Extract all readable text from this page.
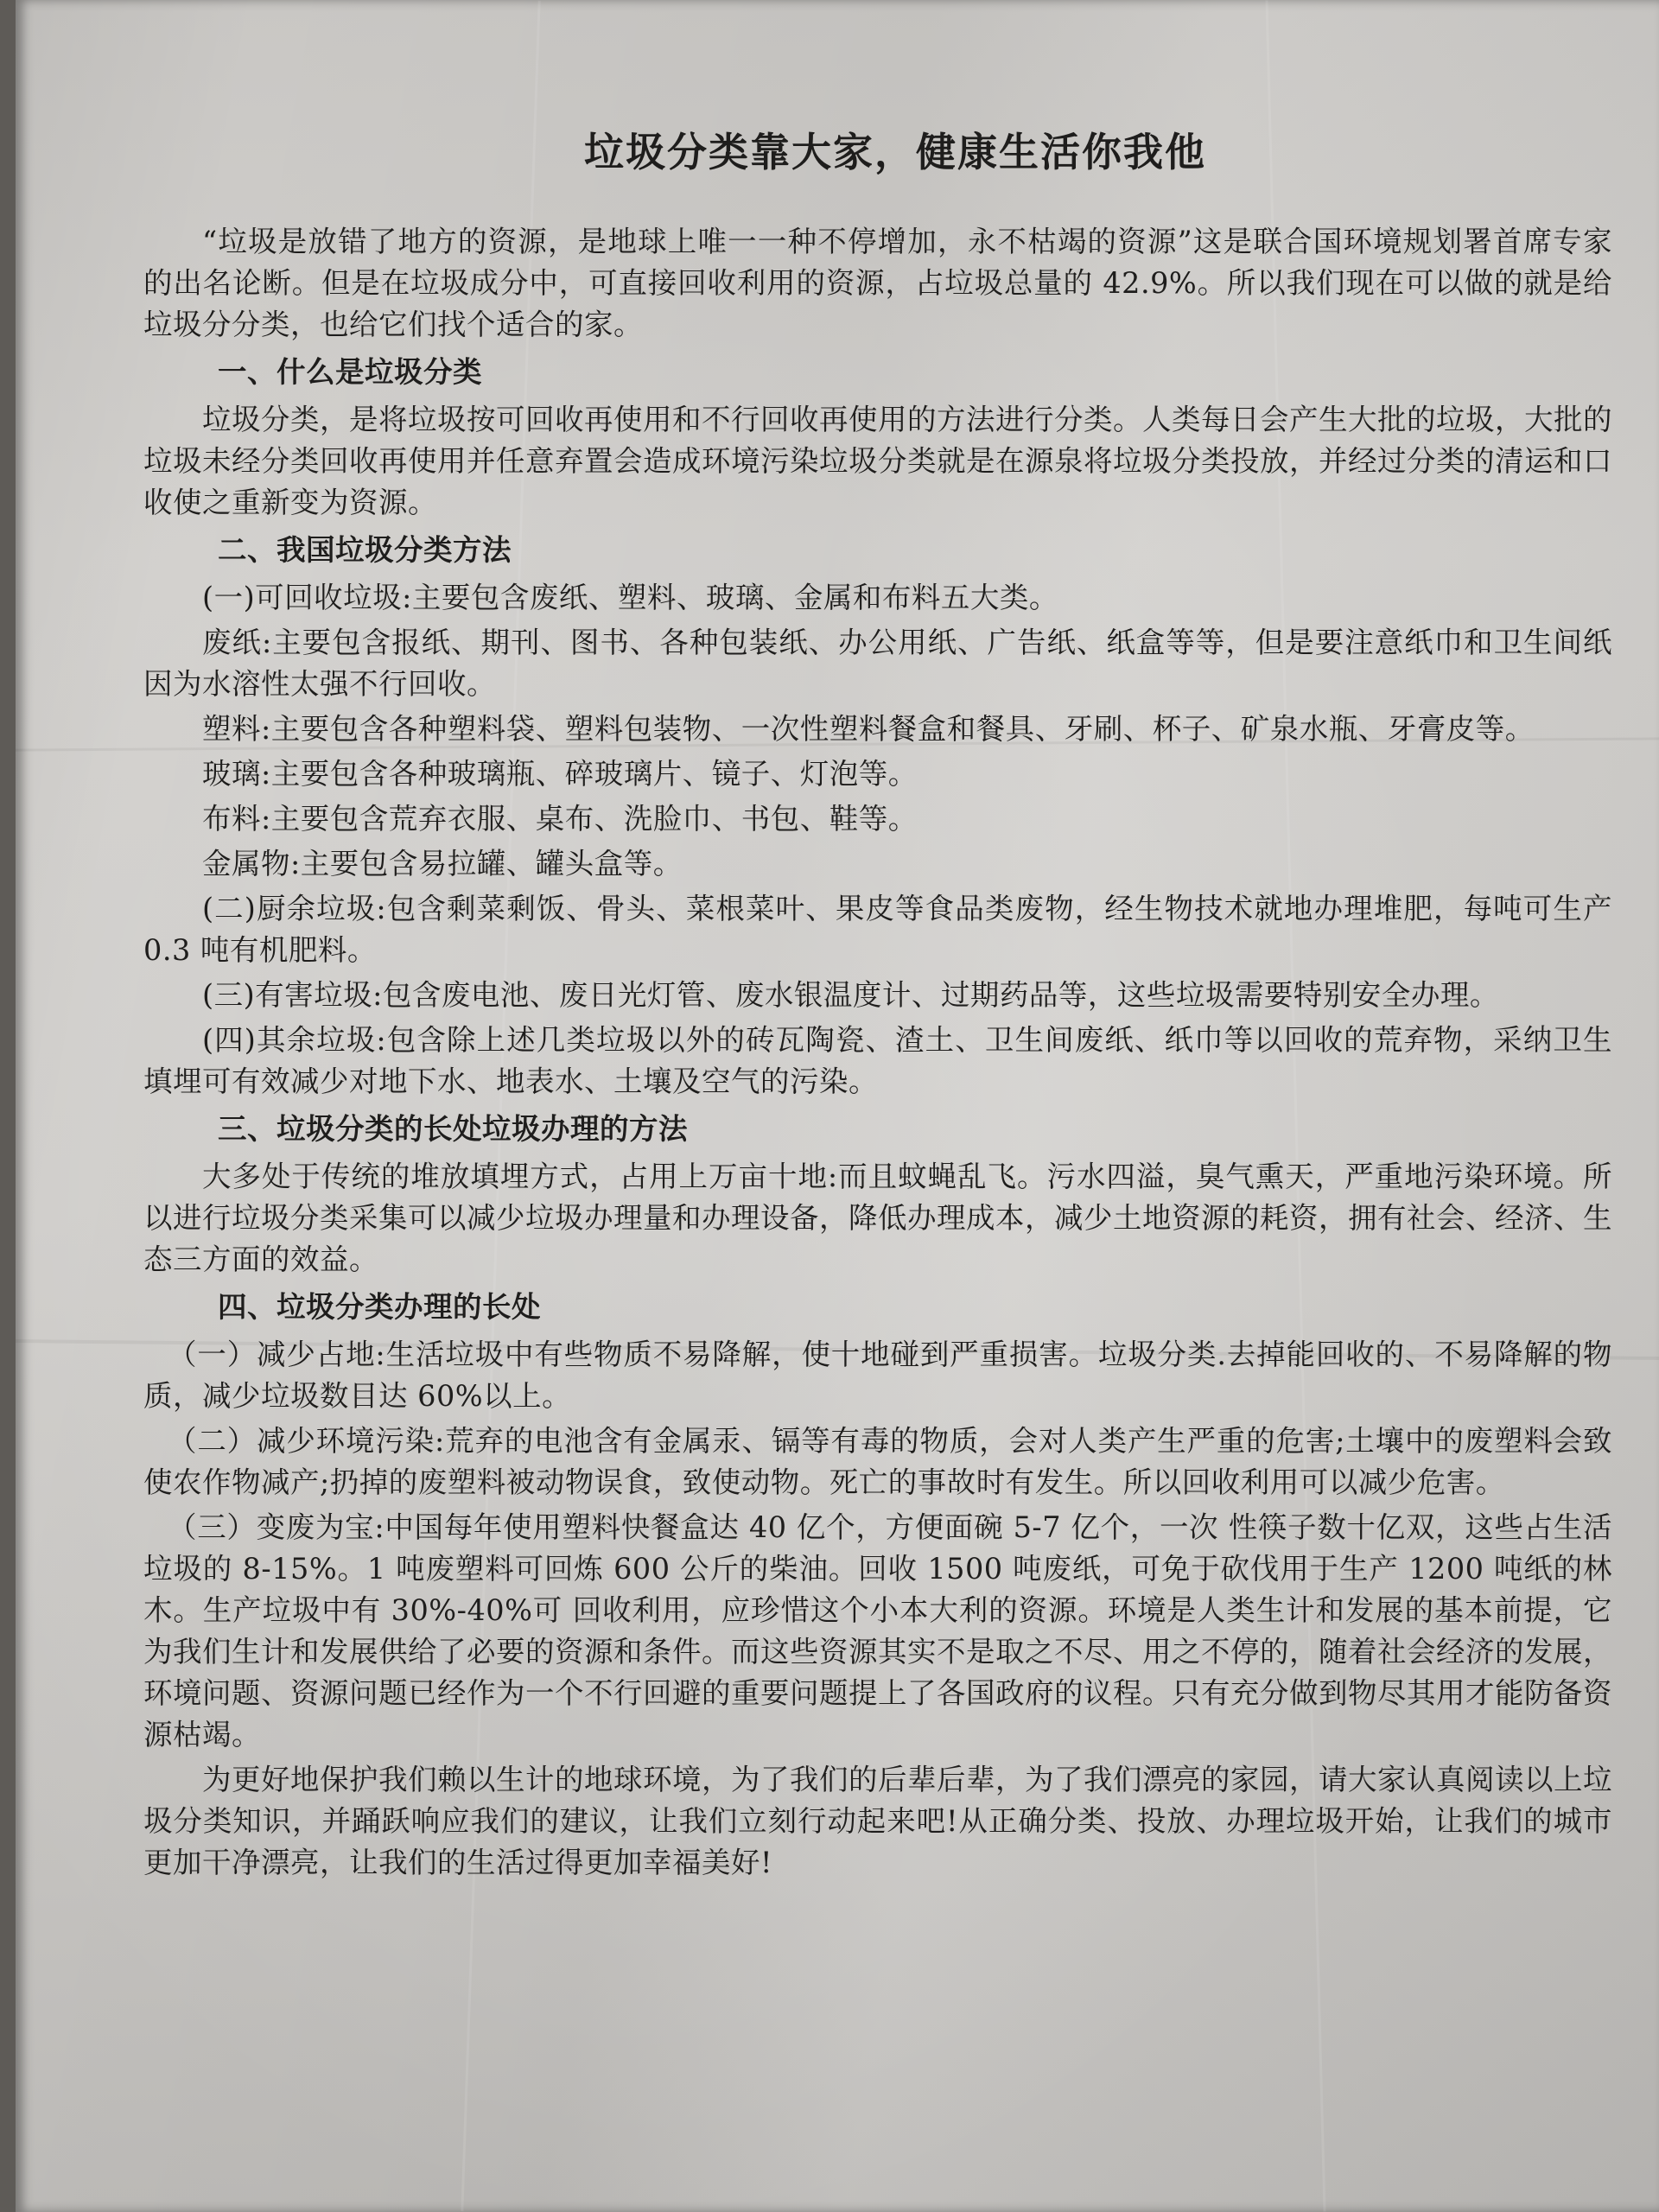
垃圾分类靠大家，健康生活你我他

“垃圾是放错了地方的资源，是地球上唯一一种不停增加，永不枯竭的资源”这是联合国环境规划署首席专家的出名论断。但是在垃圾成分中，可直接回收利用的资源，占垃圾总量的 42.9%。所以我们现在可以做的就是给垃圾分分类，也给它们找个适合的家。

一、什么是垃圾分类

垃圾分类，是将垃圾按可回收再使用和不行回收再使用的方法进行分类。人类每日会产生大批的垃圾，大批的垃圾未经分类回收再使用并任意弃置会造成环境污染垃圾分类就是在源泉将垃圾分类投放，并经过分类的清运和口收使之重新变为资源。

二、我国垃圾分类方法

(一)可回收垃圾:主要包含废纸、塑料、玻璃、金属和布料五大类。

废纸:主要包含报纸、期刊、图书、各种包装纸、办公用纸、广告纸、纸盒等等，但是要注意纸巾和卫生间纸因为水溶性太强不行回收。

塑料:主要包含各种塑料袋、塑料包装物、一次性塑料餐盒和餐具、牙刷、杯子、矿泉水瓶、牙膏皮等。

玻璃:主要包含各种玻璃瓶、碎玻璃片、镜子、灯泡等。

布料:主要包含荒弃衣服、桌布、洗脸巾、书包、鞋等。

金属物:主要包含易拉罐、罐头盒等。

(二)厨余垃圾:包含剩菜剩饭、骨头、菜根菜叶、果皮等食品类废物，经生物技术就地办理堆肥，每吨可生产 0.3 吨有机肥料。

(三)有害垃圾:包含废电池、废日光灯管、废水银温度计、过期药品等，这些垃圾需要特别安全办理。

(四)其余垃圾:包含除上述几类垃圾以外的砖瓦陶瓷、渣土、卫生间废纸、纸巾等以回收的荒弃物，采纳卫生填埋可有效减少对地下水、地表水、土壤及空气的污染。

三、垃圾分类的长处垃圾办理的方法

大多处于传统的堆放填埋方式，占用上万亩十地:而且蚊蝇乱飞。污水四溢，臭气熏天，严重地污染环境。所以进行垃圾分类采集可以减少垃圾办理量和办理设备，降低办理成本，减少土地资源的耗资，拥有社会、经济、生态三方面的效益。

四、垃圾分类办理的长处

（一）减少占地:生活垃圾中有些物质不易降解，使十地碰到严重损害。垃圾分类.去掉能回收的、不易降解的物质，减少垃圾数目达 60%以上。

（二）减少环境污染:荒弃的电池含有金属汞、镉等有毒的物质，会对人类产生严重的危害;土壤中的废塑料会致使农作物减产;扔掉的废塑料被动物误食，致使动物。死亡的事故时有发生。所以回收利用可以减少危害。

（三）变废为宝:中国每年使用塑料快餐盒达 40 亿个，方便面碗 5-7 亿个，一次 性筷子数十亿双，这些占生活垃圾的 8-15%。1 吨废塑料可回炼 600 公斤的柴油。回收 1500 吨废纸，可免于砍伐用于生产 1200 吨纸的林木。生产垃圾中有 30%-40%可 回收利用，应珍惜这个小本大利的资源。环境是人类生计和发展的基本前提，它为我们生计和发展供给了必要的资源和条件。而这些资源其实不是取之不尽、用之不停的，随着社会经济的发展，环境问题、资源问题已经作为一个不行回避的重要问题提上了各国政府的议程。只有充分做到物尽其用才能防备资源枯竭。

为更好地保护我们赖以生计的地球环境，为了我们的后辈后辈，为了我们漂亮的家园，请大家认真阅读以上垃圾分类知识，并踊跃响应我们的建议，让我们立刻行动起来吧!从正确分类、投放、办理垃圾开始，让我们的城市更加干净漂亮，让我们的生活过得更加幸福美好!
